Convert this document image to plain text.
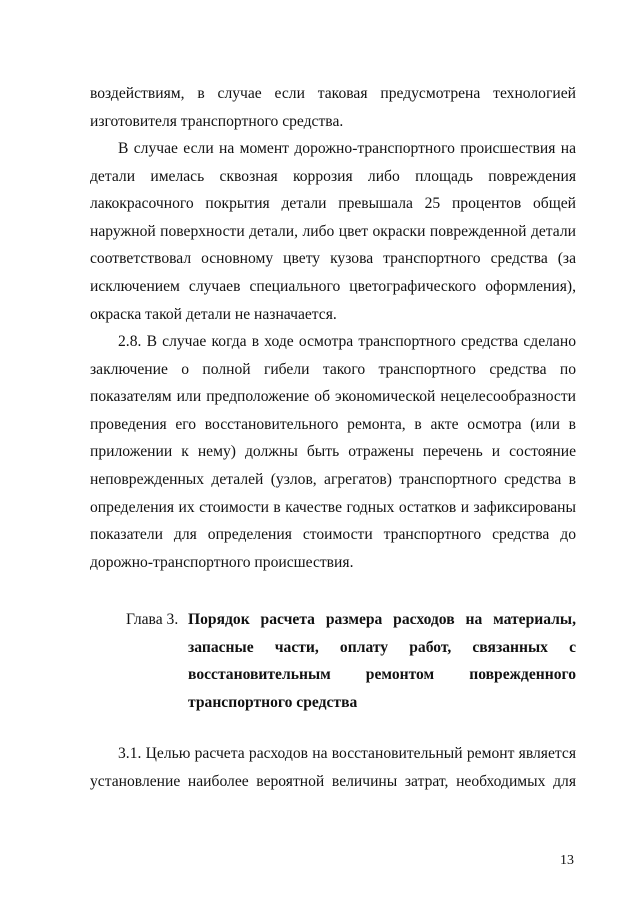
воздействиям, в случае если таковая предусмотрена технологией
изготовителя транспортного средства.
В случае если на момент дорожно-транспортного происшествия на
детали имелась сквозная коррозия либо площадь повреждения
лакокрасочного покрытия детали превышала 25 процентов общей
наружной поверхности детали, либо цвет окраски поврежденной детали
соответствовал основному цвету кузова транспортного средства (за
исключением случаев специального цветографического оформления),
окраска такой детали не назначается.
2.8. В случае когда в ходе осмотра транспортного средства сделано
заключение о полной гибели такого транспортного средства по
показателям или предположение об экономической нецелесообразности
проведения его восстановительного ремонта, в акте осмотра (или в
приложении к нему) должны быть отражены перечень и состояние
неповрежденных деталей (узлов, агрегатов) транспортного средства в
определения их стоимости в качестве годных остатков и зафиксированы
показатели для определения стоимости транспортного средства до
дорожно-транспортного происшествия.
Глава 3. Порядок расчета размера расходов на материалы,
запасные части, оплату работ, связанных с
восстановительным ремонтом поврежденного
транспортного средства
3.1. Целью расчета расходов на восстановительный ремонт является
установление наиболее вероятной величины затрат, необходимых для
13
